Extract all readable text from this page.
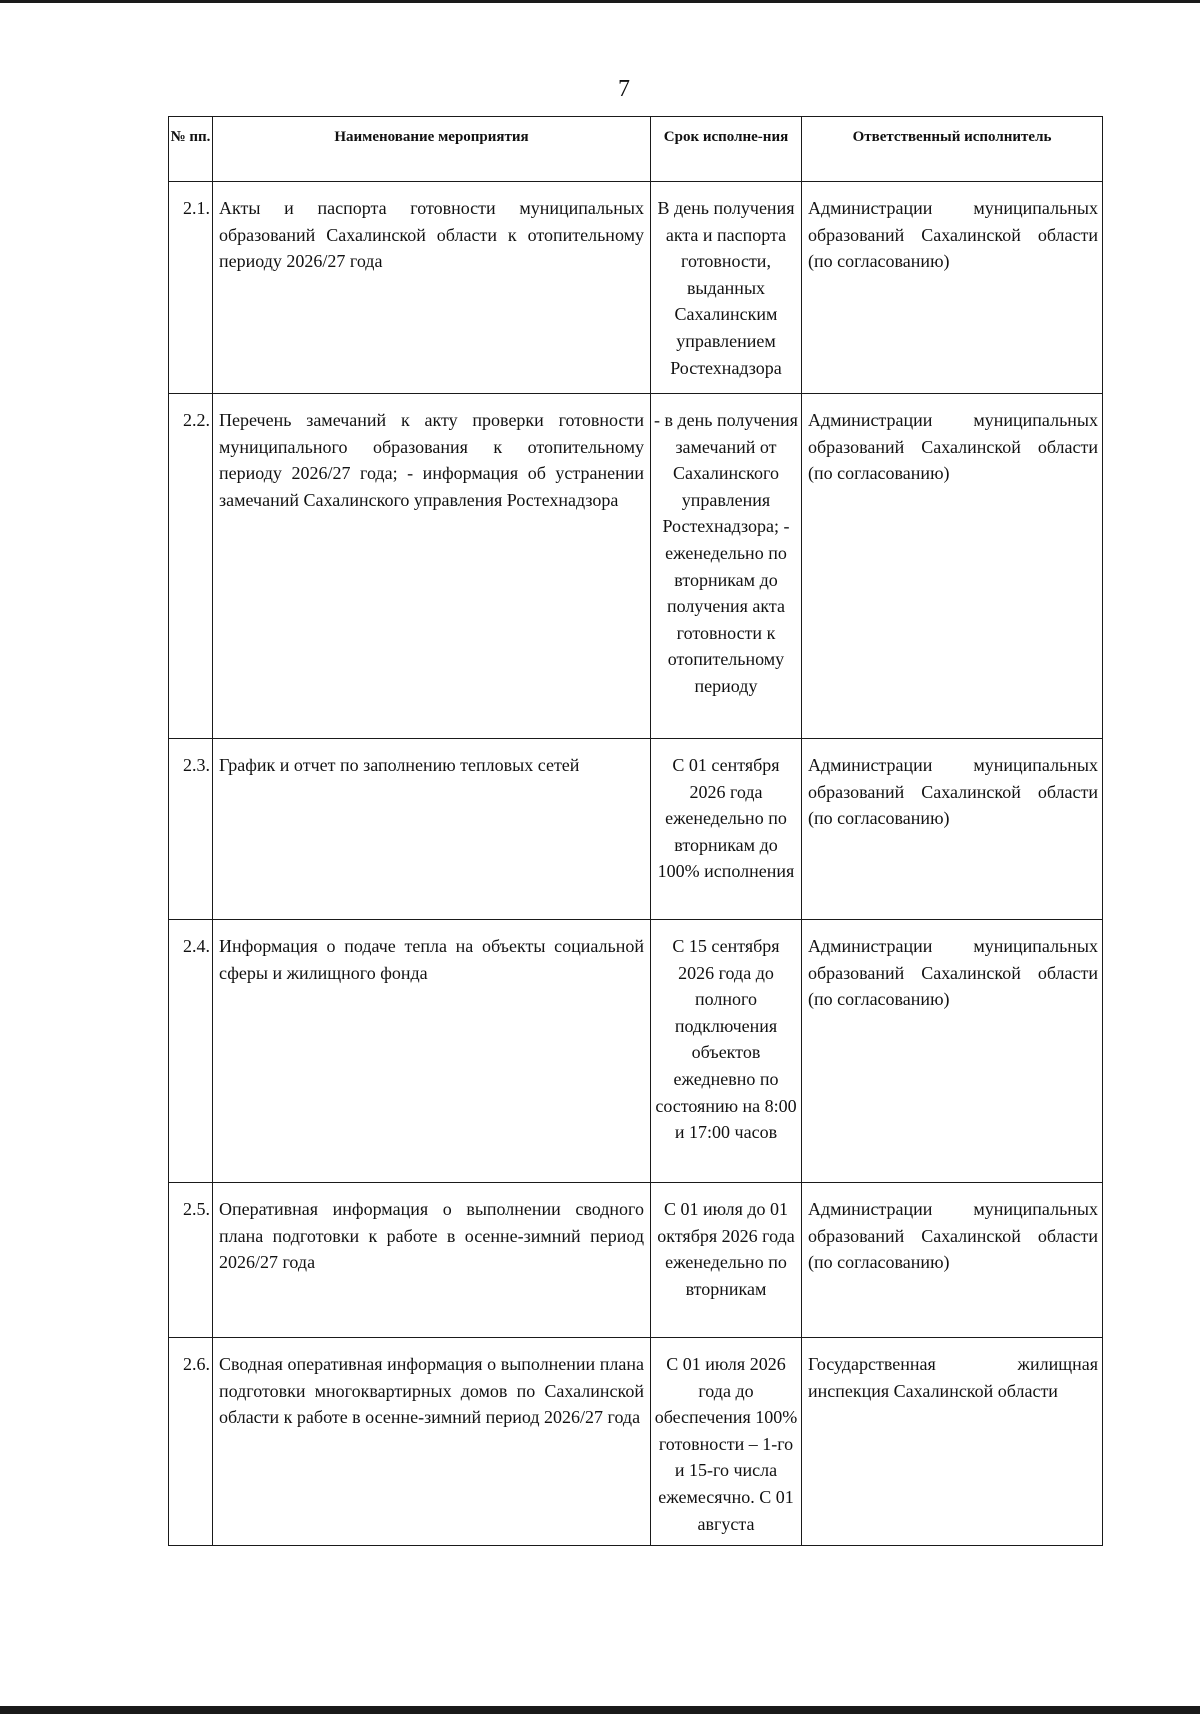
7
№ пп.	Наименование мероприятия	Срок исполне-ния	Ответственный исполнитель
2.1.	Акты и паспорта готовности муниципальных образований Сахалинской области к отопительному периоду 2026/27 года	В день получения акта и паспорта готовности, выданных Сахалинским управлением Ростехнадзора	Администрации муниципальных образований Сахалинской области (по согласованию)
2.2.	Перечень замечаний к акту проверки готовности муниципального образования к отопительному периоду 2026/27 года; - информация об устранении замечаний Сахалинского управления Ростехнадзора	- в день получения замечаний от Сахалинского управления Ростехнадзора; - еженедельно по вторникам до получения акта готовности к отопительному периоду	Администрации муниципальных образований Сахалинской области (по согласованию)
2.3.	График и отчет по заполнению тепловых сетей	С 01 сентября 2026 года еженедельно по вторникам до 100% исполнения	Администрации муниципальных образований Сахалинской области (по согласованию)
2.4.	Информация о подаче тепла на объекты социальной сферы и жилищного фонда	С 15 сентября 2026 года до полного подключения объектов ежедневно по состоянию на 8:00 и 17:00 часов	Администрации муниципальных образований Сахалинской области (по согласованию)
2.5.	Оперативная информация о выполнении сводного плана подготовки к работе в осенне-зимний период 2026/27 года	С 01 июля до 01 октября 2026 года еженедельно по вторникам	Администрации муниципальных образований Сахалинской области (по согласованию)
2.6.	Сводная оперативная информация о выполнении плана подготовки многоквартирных домов по Сахалинской области к работе в осенне-зимний период 2026/27 года	С 01 июля 2026 года до обеспечения 100% готовности – 1-го и 15-го числа ежемесячно. С 01 августа	Государственная жилищная инспекция Сахалинской области
